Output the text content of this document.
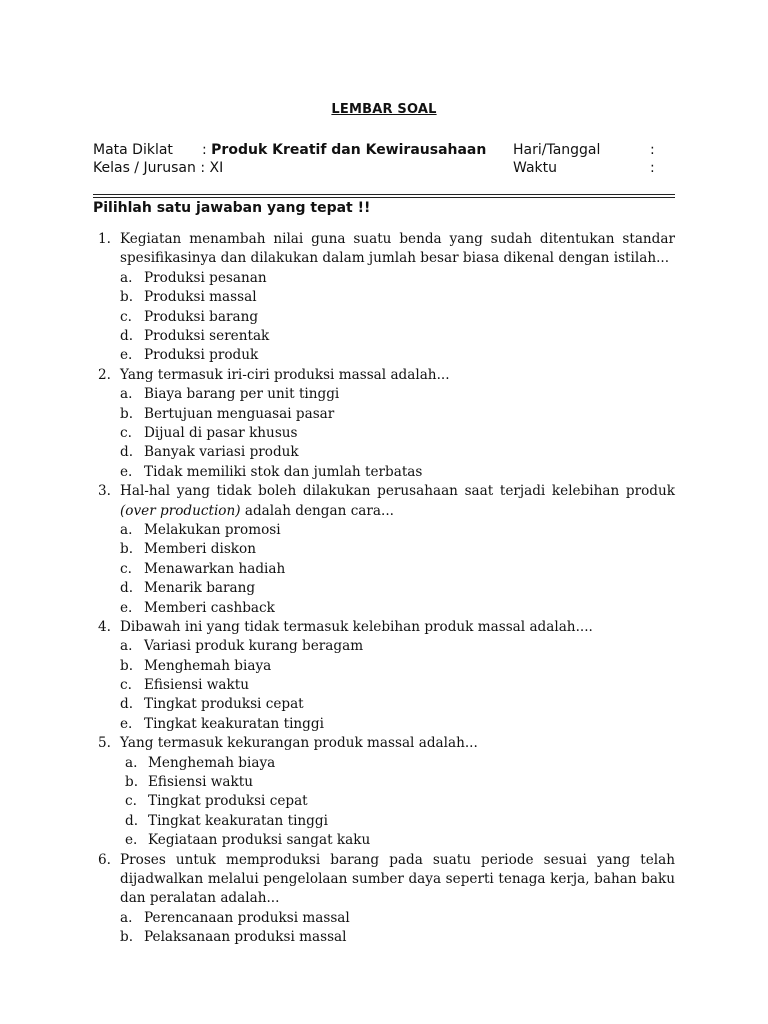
LEMBAR SOAL
Mata Diklat : Produk Kreatif dan Kewirausahaan Hari/Tanggal	:
Kelas / Jurusan : XI	Waktu	:
Pilihlah satu jawaban yang tepat !!
1. Kegiatan menambah nilai guna suatu benda yang sudah ditentukan standar spesifikasinya dan dilakukan dalam jumlah besar biasa dikenal dengan istilah...
a. Produksi pesanan
b. Produksi massal
c. Produksi barang
d. Produksi serentak
e. Produksi produk
2. Yang termasuk iri-ciri produksi massal adalah...
a. Biaya barang per unit tinggi
b. Bertujuan menguasai pasar
c. Dijual di pasar khusus
d. Banyak variasi produk
e. Tidak memiliki stok dan jumlah terbatas
3. Hal-hal yang tidak boleh dilakukan perusahaan saat terjadi kelebihan produk (over production) adalah dengan cara...
a. Melakukan promosi
b. Memberi diskon
c. Menawarkan hadiah
d. Menarik barang
e. Memberi cashback
4. Dibawah ini yang tidak termasuk kelebihan produk massal adalah....
a. Variasi produk kurang beragam
b. Menghemah biaya
c. Efisiensi waktu
d. Tingkat produksi cepat
e. Tingkat keakuratan tinggi
5. Yang termasuk kekurangan produk massal adalah...
a. Menghemah biaya
b. Efisiensi waktu
c. Tingkat produksi cepat
d. Tingkat keakuratan tinggi
e. Kegiataan produksi sangat kaku
6. Proses untuk memproduksi barang pada suatu periode sesuai yang telah dijadwalkan melalui pengelolaan sumber daya seperti tenaga kerja, bahan baku dan peralatan adalah...
a. Perencanaan produksi massal
b. Pelaksanaan produksi massal
